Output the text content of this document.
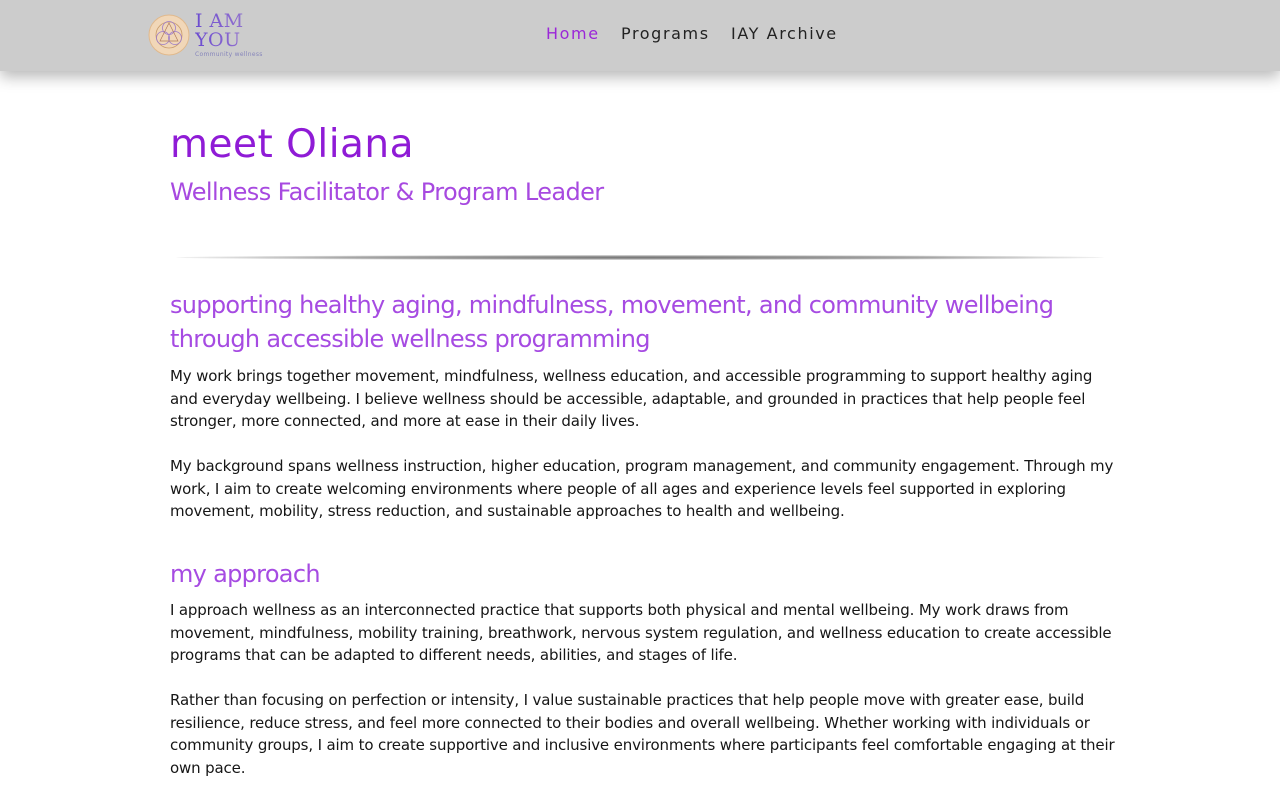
I AM YOU
Community wellness
Home	Programs	IAY Archive
meet Oliana
Wellness Facilitator & Program Leader
supporting healthy aging, mindfulness, movement, and community wellbeing through accessible wellness programming

My work brings together movement, mindfulness, wellness education, and accessible programming to support healthy aging and everyday wellbeing. I believe wellness should be accessible, adaptable, and grounded in practices that help people feel stronger, more connected, and more at ease in their daily lives.

My background spans wellness instruction, higher education, program management, and community engagement. Through my work, I aim to create welcoming environments where people of all ages and experience levels feel supported in exploring movement, mobility, stress reduction, and sustainable approaches to health and wellbeing.

my approach

I approach wellness as an interconnected practice that supports both physical and mental wellbeing. My work draws from movement, mindfulness, mobility training, breathwork, nervous system regulation, and wellness education to create accessible programs that can be adapted to different needs, abilities, and stages of life.

Rather than focusing on perfection or intensity, I value sustainable practices that help people move with greater ease, build resilience, reduce stress, and feel more connected to their bodies and overall wellbeing. Whether working with individuals or community groups, I aim to create supportive and inclusive environments where participants feel comfortable engaging at their own pace.
